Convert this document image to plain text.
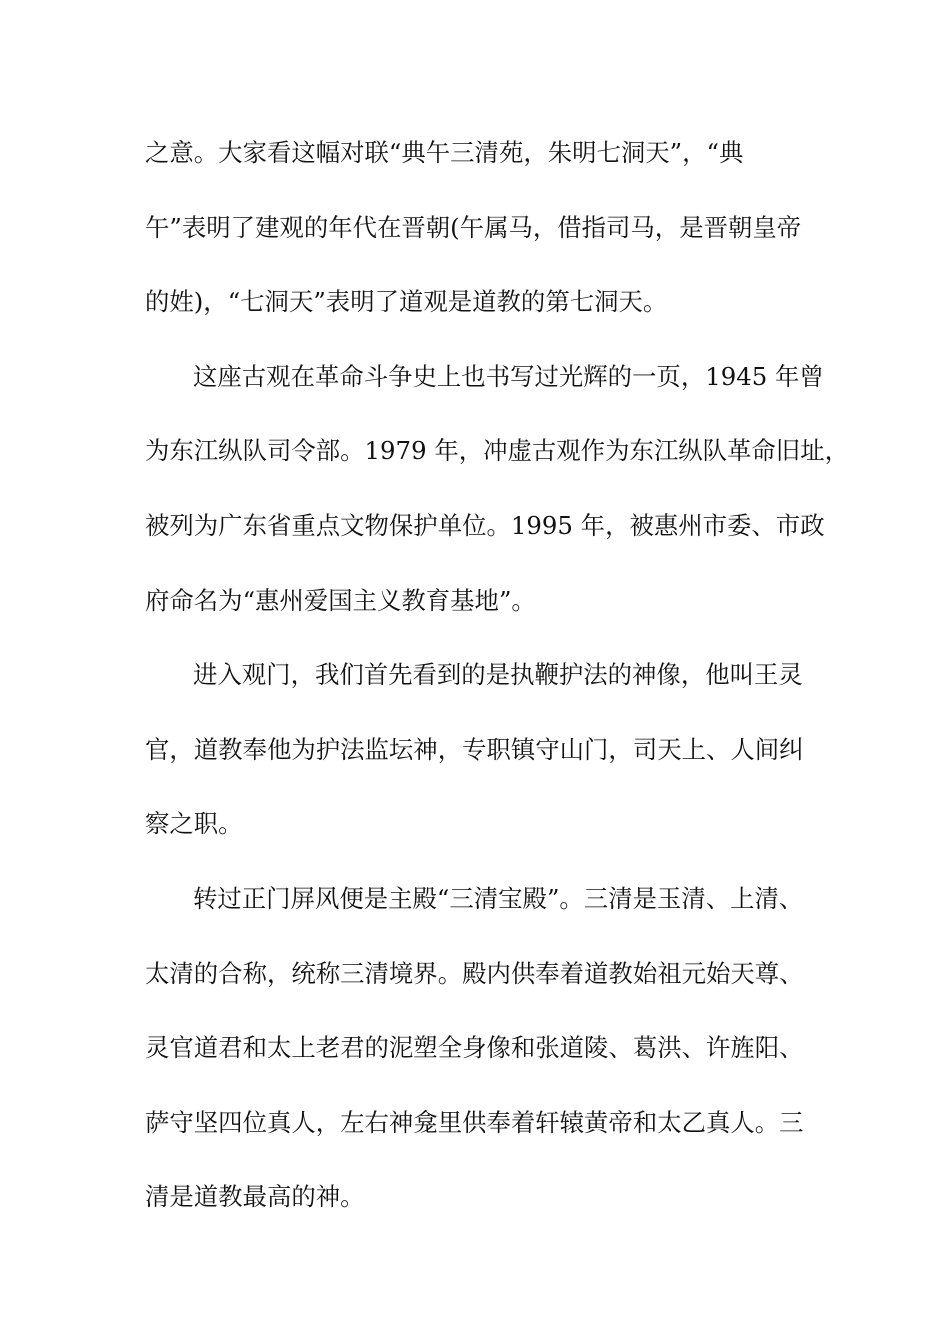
之意。大家看这幅对联“典午三清苑，朱明七洞天”，“典
午”表明了建观的年代在晋朝(午属马，借指司马，是晋朝皇帝
的姓)，“七洞天”表明了道观是道教的第七洞天。
这座古观在革命斗争史上也书写过光辉的一页，1945 年曾
为东江纵队司令部。1979 年，冲虚古观作为东江纵队革命旧址，
被列为广东省重点文物保护单位。1995 年，被惠州市委、市政
府命名为“惠州爱国主义教育基地”。
进入观门，我们首先看到的是执鞭护法的神像，他叫王灵
官，道教奉他为护法监坛神，专职镇守山门，司天上、人间纠
察之职。
转过正门屏风便是主殿“三清宝殿”。三清是玉清、上清、
太清的合称，统称三清境界。殿内供奉着道教始祖元始天尊、
灵官道君和太上老君的泥塑全身像和张道陵、葛洪、许旌阳、
萨守坚四位真人，左右神龛里供奉着轩辕黄帝和太乙真人。三
清是道教最高的神。
